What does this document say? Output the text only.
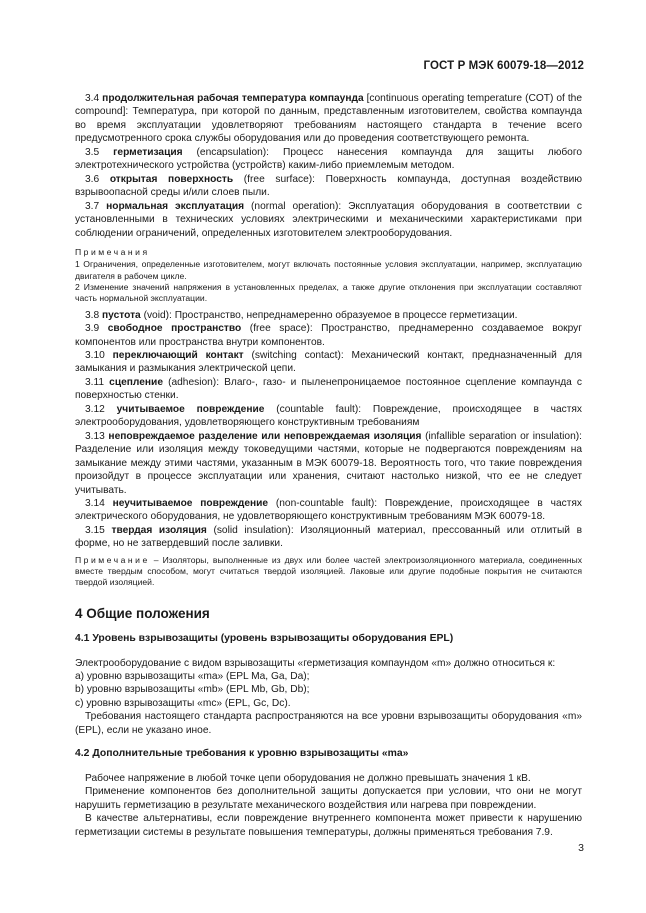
ГОСТ Р МЭК 60079-18—2012

3.4 продолжительная рабочая температура компаунда [continuous operating temperature (COT) of the compound]: Температура, при которой по данным, представленным изготовителем, свойства компаунда во время эксплуатации удовлетворяют требованиям настоящего стандарта в течение всего предусмотренного срока службы оборудования или до проведения соответствующего ремонта.

3.5 герметизация (encapsulation): Процесс нанесения компаунда для защиты любого электротехнического устройства (устройств) каким-либо приемлемым методом.

3.6 открытая поверхность (free surface): Поверхность компаунда, доступная воздействию взрывоопасной среды и/или слоев пыли.

3.7 нормальная эксплуатация (normal operation): Эксплуатация оборудования в соответствии с установленными в технических условиях электрическими и механическими характеристиками при соблюдении ограничений, определенных изготовителем электрооборудования.

Примечания

1 Ограничения, определенные изготовителем, могут включать постоянные условия эксплуатации, например, эксплуатацию двигателя в рабочем цикле.

2 Изменение значений напряжения в установленных пределах, а также другие отклонения при эксплуатации составляют часть нормальной эксплуатации.

3.8 пустота (void): Пространство, непреднамеренно образуемое в процессе герметизации.

3.9 свободное пространство (free space): Пространство, преднамеренно создаваемое вокруг компонентов или пространства внутри компонентов.

3.10 переключающий контакт (switching contact): Механический контакт, предназначенный для замыкания и размыкания электрической цепи.

3.11 сцепление (adhesion): Влаго-, газо- и пыленепроницаемое постоянное сцепление компаунда с поверхностью стенки.

3.12 учитываемое повреждение (countable fault): Повреждение, происходящее в частях электрооборудования, удовлетворяющего конструктивным требованиям

3.13 неповреждаемое разделение или неповреждаемая изоляция (infallible separation or insulation): Разделение или изоляция между токоведущими частями, которые не подвергаются повреждениям на замыкание между этими частями, указанным в МЭК 60079-18. Вероятность того, что такие повреждения произойдут в процессе эксплуатации или хранения, считают настолько низкой, что ее не следует учитывать.

3.14 неучитываемое повреждение (non-countable fault): Повреждение, происходящее в частях электрического оборудования, не удовлетворяющего конструктивным требованиям МЭК 60079-18.

3.15 твердая изоляция (solid insulation): Изоляционный материал, прессованный или отлитый в форме, но не затвердевший после заливки.

Примечание – Изоляторы, выполненные из двух или более частей электроизоляционного материала, соединенных вместе твердым способом, могут считаться твердой изоляцией. Лаковые или другие подобные покрытия не считаются твердой изоляцией.

4 Общие положения
4.1 Уровень взрывозащиты (уровень взрывозащиты оборудования EPL)

Электрооборудование с видом взрывозащиты «герметизация компаундом «m» должно относиться к:

а) уровню взрывозащиты «ma» (EPL Ma, Ga, Da);

b) уровню взрывозащиты «mb» (EPL Mb, Gb, Db);

с) уровню взрывозащиты «mc» (EPL, Gc, Dc).

Требования настоящего стандарта распространяются на все уровни взрывозащиты оборудования «m» (EPL), если не указано иное.

4.2 Дополнительные требования к уровню взрывозащиты «ma»

Рабочее напряжение в любой точке цепи оборудования не должно превышать значения 1 кВ.

Применение компонентов без дополнительной защиты допускается при условии, что они не могут нарушить герметизацию в результате механического воздействия или нагрева при повреждении.

В качестве альтернативы, если повреждение внутреннего компонента может привести к нарушению герметизации системы в результате повышения температуры, должны применяться требования 7.9.

3
